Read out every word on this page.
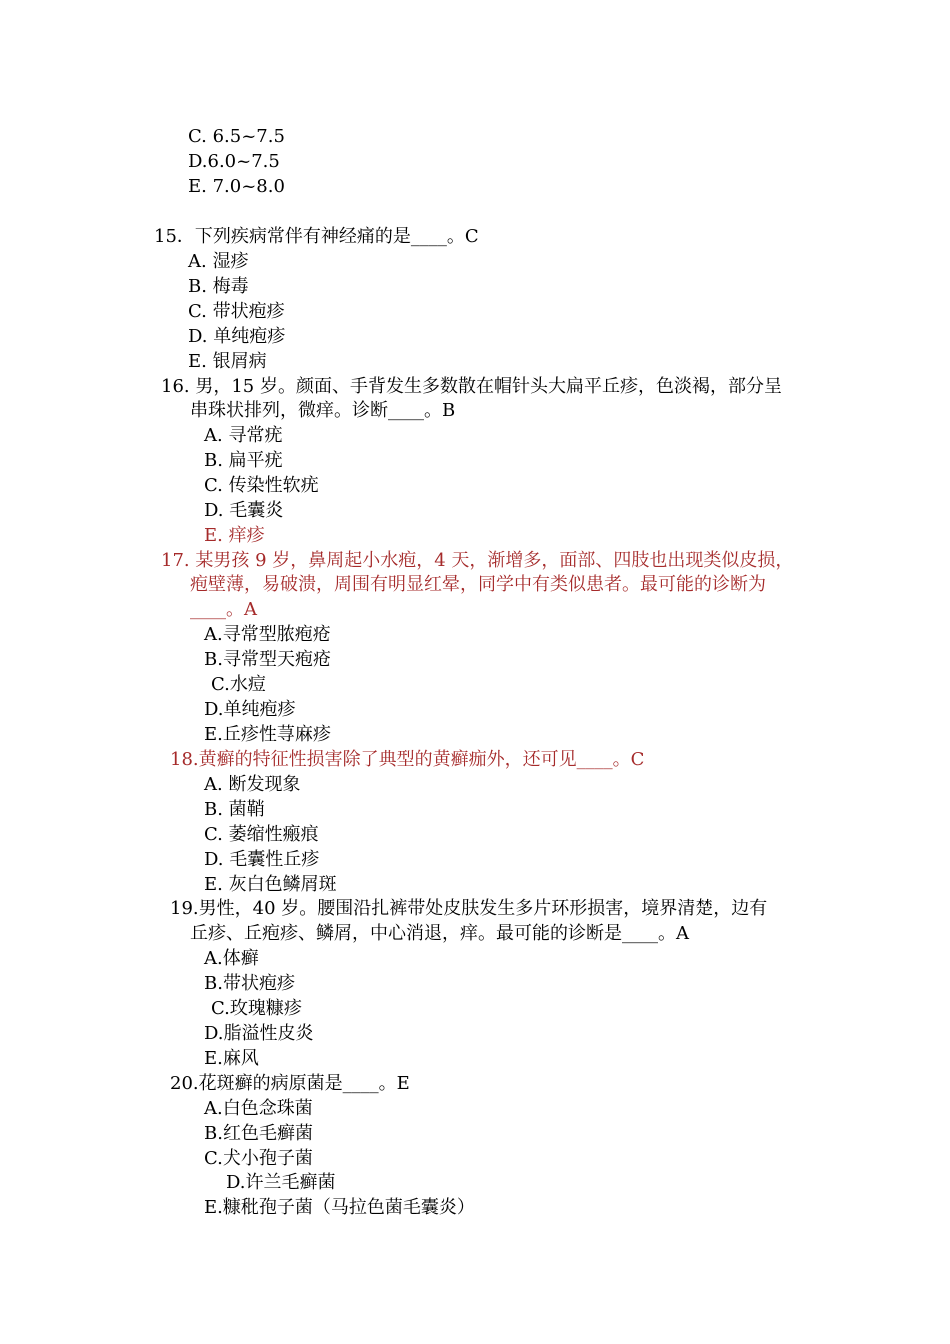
C. 6.5~7.5
D.6.0~7.5
E. 7.0~8.0
15．下列疾病常伴有神经痛的是____。C
A. 湿疹
B. 梅毒
C. 带状疱疹
D. 单纯疱疹
E. 银屑病
16. 男，15 岁。颜面、手背发生多数散在帽针头大扁平丘疹，色淡褐，部分呈
串珠状排列，微痒。诊断____。B
A. 寻常疣
B. 扁平疣
C. 传染性软疣
D. 毛囊炎
E. 痒疹
17. 某男孩 9 岁，鼻周起小水疱，4 天，渐增多，面部、四肢也出现类似皮损，
疱壁薄，易破溃，周围有明显红晕，同学中有类似患者。最可能的诊断为
____。A
A.寻常型脓疱疮
B.寻常型天疱疮
C.水痘
D.单纯疱疹
E.丘疹性荨麻疹
18.黄癣的特征性损害除了典型的黄癣痂外，还可见____。C
A. 断发现象
B. 菌鞘
C. 萎缩性瘢痕
D. 毛囊性丘疹
E. 灰白色鳞屑斑
19.男性，40 岁。腰围沿扎裤带处皮肤发生多片环形损害，境界清楚，边有
丘疹、丘疱疹、鳞屑，中心消退，痒。最可能的诊断是____。A
A.体癣
B.带状疱疹
C.玫瑰糠疹
D.脂溢性皮炎
E.麻风
20.花斑癣的病原菌是____。E
A.白色念珠菌
B.红色毛癣菌
C.犬小孢子菌
D.许兰毛癣菌
E.糠秕孢子菌（马拉色菌毛囊炎）
